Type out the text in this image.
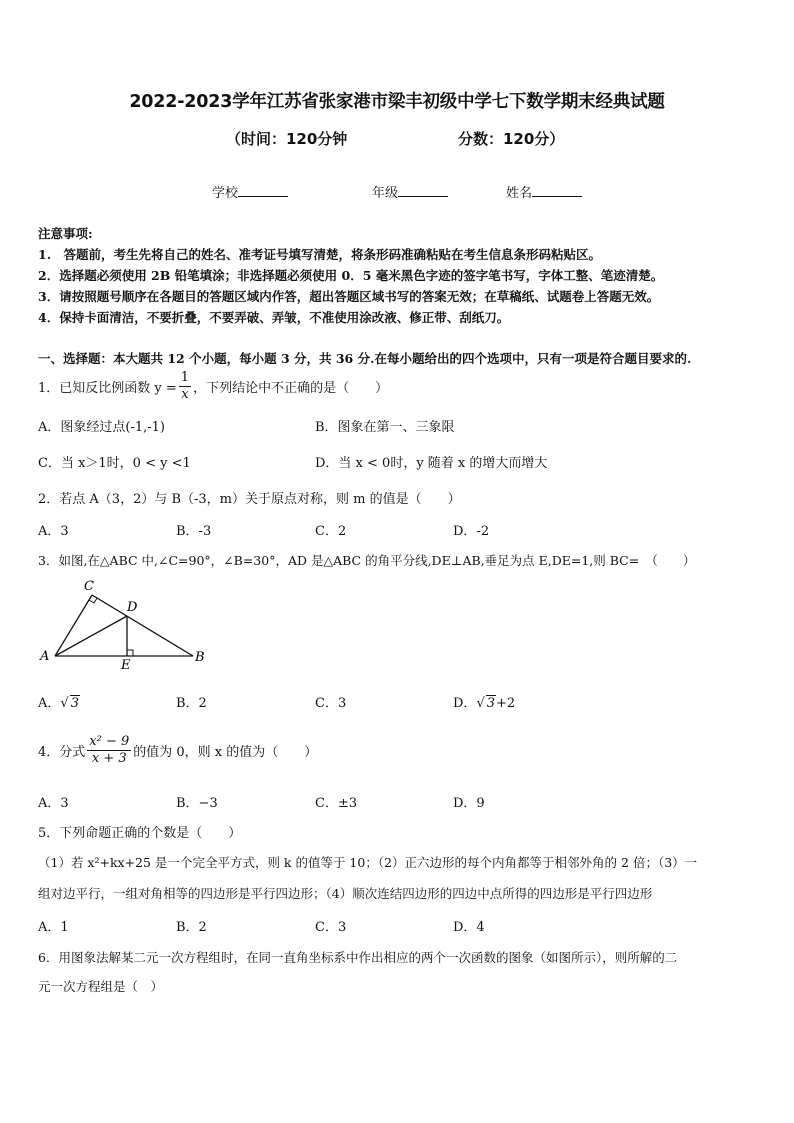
2022-2023学年江苏省张家港市梁丰初级中学七下数学期末经典试题
（时间：120分钟	分数：120分）
学校	年级	姓名
注意事项:
1.　答题前，考生先将自己的姓名、准考证号填写清楚，将条形码准确粘贴在考生信息条形码粘贴区。
2．选择题必须使用 2B 铅笔填涂；非选择题必须使用 0．5 毫米黑色字迹的签字笔书写，字体工整、笔迹清楚。
3．请按照题号顺序在各题目的答题区域内作答，超出答题区域书写的答案无效；在草稿纸、试题卷上答题无效。
4．保持卡面清洁，不要折叠，不要弄破、弄皱，不准使用涂改液、修正带、刮纸刀。
一、选择题：本大题共 12 个小题，每小题 3 分，共 36 分.在每小题给出的四个选项中，只有一项是符合题目要求的.
1．已知反比例函数 $y = \frac{1}{x}$ ，下列结论中不正确的是（　　）
A．图象经过点(-1,-1)	B．图象在第一、三象限
C．当 x＞1时，0 < y <1	D．当 x < 0时，y 随着 x 的增大而增大
2．若点 A（3，2）与 B（-3，m）关于原点对称，则 m 的值是（　　）
A．3	B．-3	C．2	D．-2
3．如图,在△ABC 中,∠C=90°，∠B=30°，AD 是△ABC 的角平分线,DE⊥AB,垂足为点 E,DE=1,则 BC=　（　　）
C
D
A	B
E
A．√ 3	B．2	C．3	D．√ 3+2
4．分式 $\frac{\text{x² − 9}}{x + 3}$ 的值为 0，则 x 的值为（　　）
A．3	B．−3	C．±3	D．9
5．下列命题正确的个数是（　　）
（1）若 x²+kx+25 是一个完全平方式，则 k 的值等于 10；（2）正六边形的每个内角都等于相邻外角的 2 倍；（3）一
组对边平行，一组对角相等的四边形是平行四边形；（4）顺次连结四边形的四边中点所得的四边形是平行四边形
A．1	B．2	C．3	D．4
6．用图象法解某二元一次方程组时，在同一直角坐标系中作出相应的两个一次函数的图象（如图所示），则所解的二
元一次方程组是（　）
